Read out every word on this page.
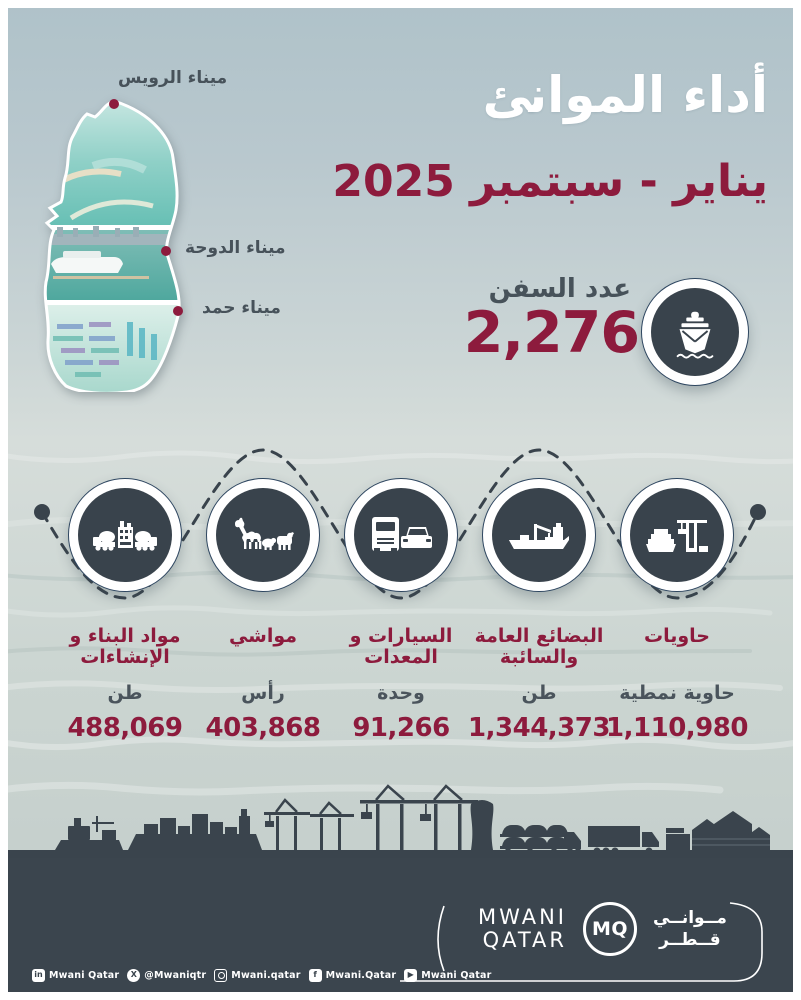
أداء الموانئ
يناير - سبتمبر 2025
ميناء الرويس
ميناء الدوحة
ميناء حمد
عدد السفن
2,276
حاويات
حاوية نمطية
1,110,980
البضائع العامة والسائبة
طن
1,344,373
السيارات و المعدات
وحدة
91,266
مواشي
رأس
403,868
مواد البناء و الإنشاءات
طن
488,069
MWANI
QATAR	MQ
مــوانــي
قــطــر
in Mwani Qatar	X @Mwaniqtr	Mwani.qatar	f Mwani.Qatar	▶ Mwani Qatar
